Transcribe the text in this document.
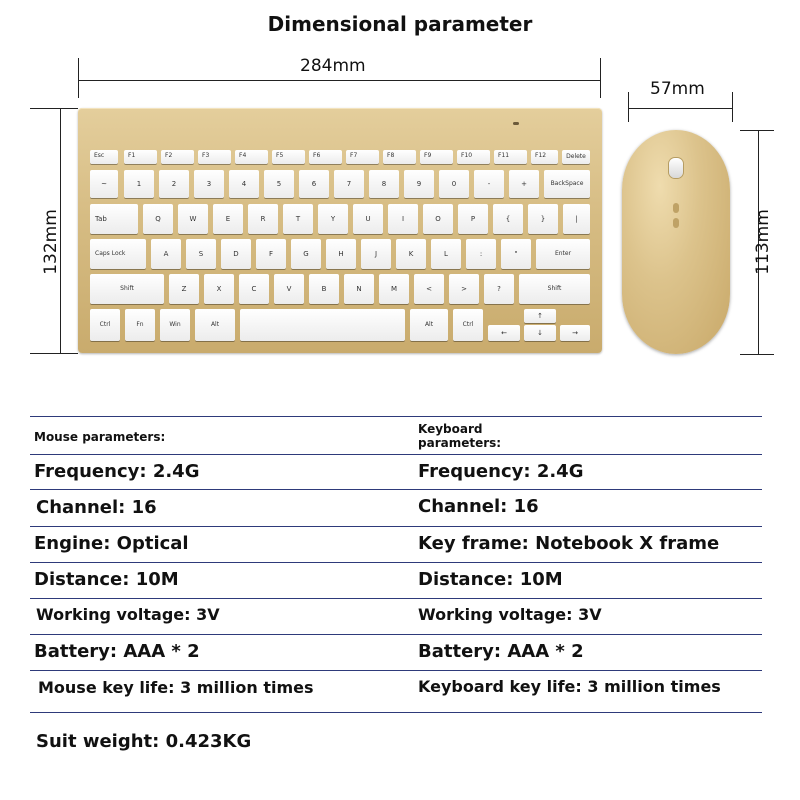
Dimensional parameter
284mm
132mm
57mm
113mm
Esc	F1	F2	F3	F4	F5	F6	F7	F8	F9	F10	F11	F12	Delete
~	1	2	3	4	5	6	7	8	9	0	-	+	BackSpace
Tab	Q	W	E	R	T	Y	U	I	O	P	{	}	|
Caps Lock	A	S	D	F	G	H	J	K	L	:	"	Enter
Shift	Z	X	C	V	B	N	M	<	>	?	Shift
Ctrl	Fn	Win	Alt	Alt	Ctrl
←
↑
↓	→
Mouse parameters:
Keyboard
parameters:
Frequency: 2.4G	Frequency: 2.4G
Channel: 16	Channel: 16
Engine: Optical	Key frame: Notebook X frame
Distance: 10M	Distance: 10M
Working voltage: 3V	Working voltage: 3V
Battery: AAA * 2	Battery: AAA * 2
Mouse key life: 3 million times	Keyboard key life: 3 million times
Suit weight: 0.423KG
